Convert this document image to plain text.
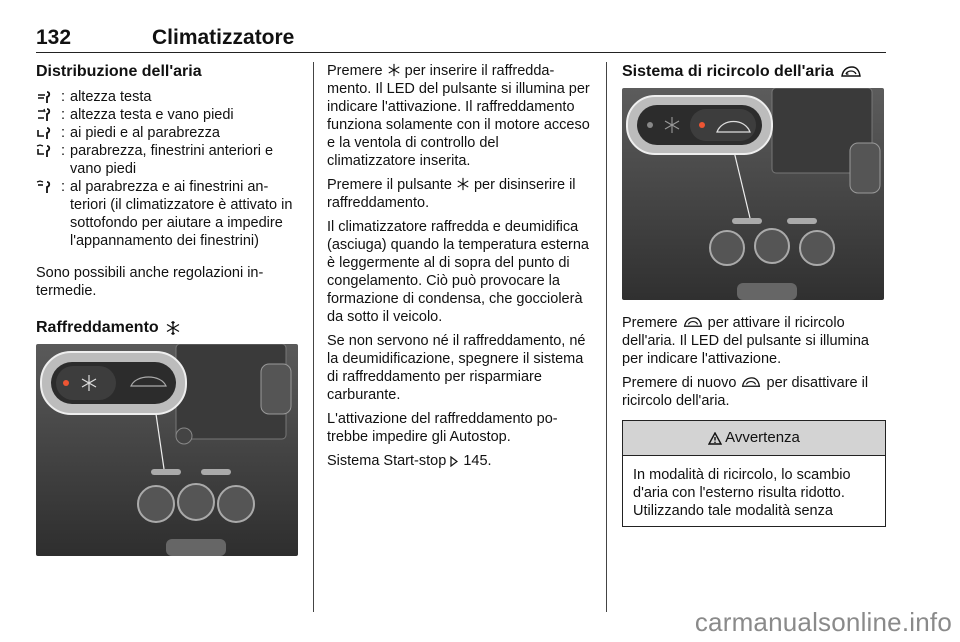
132	Climatizzatore
Distribuzione dell'aria
: altezza testa
: altezza testa e vano piedi
: ai piedi e al parabrezza
: parabrezza, finestrini anteriori e vano piedi
: al parabrezza e ai finestrini anteriori (il climatizzatore è attivato in sottofondo per aiutare a impedire l'appannamento dei finestrini)

Sono possibili anche regolazioni intermedie.

Raffreddamento

Premere per inserire il raffreddamento. Il LED del pulsante si illumina per indicare l'attivazione. Il raffreddamento funziona solamente con il motore acceso e la ventola di controllo del climatizzatore inserita.

Premere il pulsante per disinserire il raffreddamento.

Il climatizzatore raffredda e deumidifica (asciuga) quando la temperatura esterna è leggermente al di sopra del punto di congelamento. Ciò può provocare la formazione di condensa, che gocciolerà da sotto il veicolo.

Se non servono né il raffreddamento, né la deumidificazione, spegnere il sistema di raffreddamento per risparmiare carburante.

L'attivazione del raffreddamento potrebbe impedire gli Autostop.

Sistema Start-stop 145.

Sistema di ricircolo dell'aria

Premere per attivare il ricircolo dell'aria. Il LED del pulsante si illumina per indicare l'attivazione.

Premere di nuovo per disattivare il ricircolo dell'aria.

Avvertenza
In modalità di ricircolo, lo scambio d'aria con l'esterno risulta ridotto. Utilizzando tale modalità senza
carmanualsonline.info
